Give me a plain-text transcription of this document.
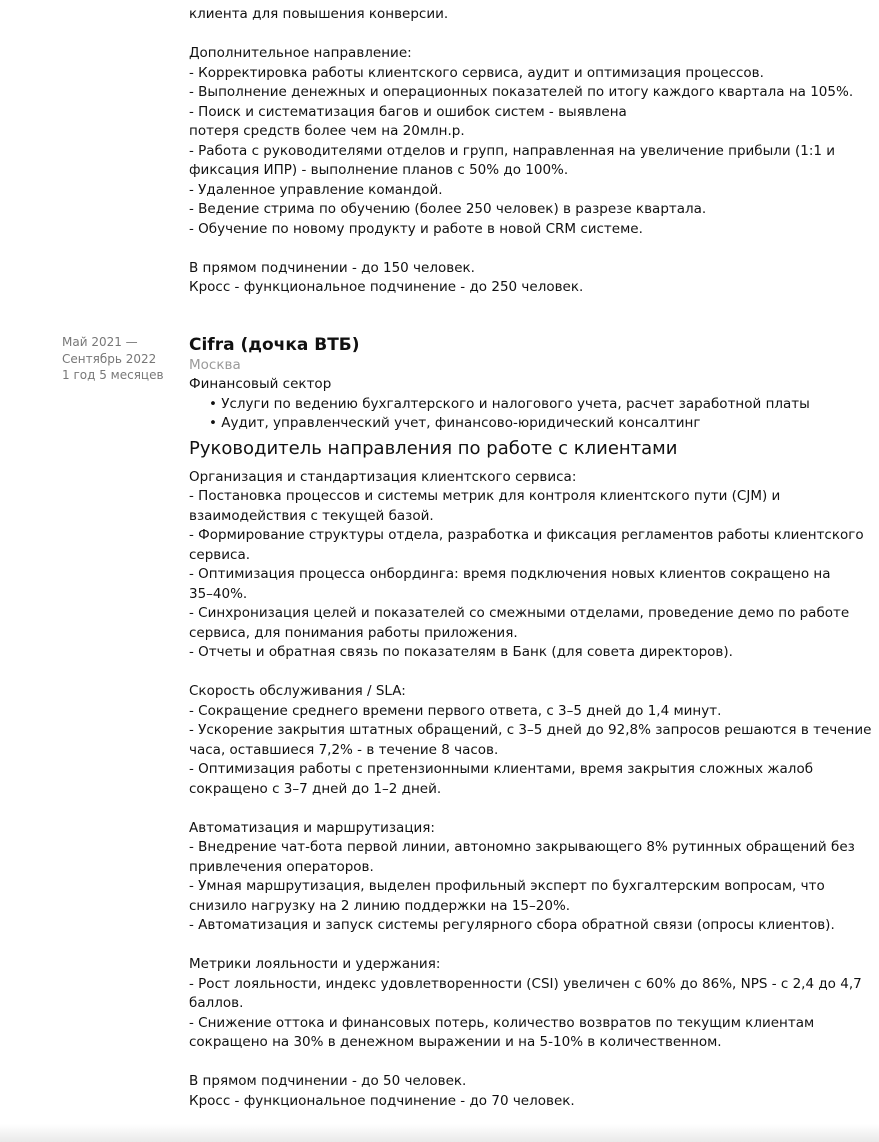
клиента для повышения конверсии.
Дополнительное направление:
- Корректировка работы клиентского сервиса, аудит и оптимизация процессов.
- Выполнение денежных и операционных показателей по итогу каждого квартала на 105%.
- Поиск и систематизация багов и ошибок систем - выявлена
потеря средств более чем на 20млн.р.
- Работа с руководителями отделов и групп, направленная на увеличение прибыли (1:1 и
фиксация ИПР) - выполнение планов с 50% до 100%.
- Удаленное управление командой.
- Ведение стрима по обучению (более 250 человек) в разрезе квартала.
- Обучение по новому продукту и работе в новой CRM системе.
В прямом подчинении - до 150 человек.
Кросс - функциональное подчинение - до 250 человек.
Май 2021 —
Сентябрь 2022
1 год 5 месяцев
Cifra (дочка ВТБ)
Москва
Финансовый сектор
• Услуги по ведению бухгалтерского и налогового учета, расчет заработной платы
• Аудит, управленческий учет, финансово-юридический консалтинг
Руководитель направления по работе с клиентами
Организация и стандартизация клиентского сервиса:
- Постановка процессов и системы метрик для контроля клиентского пути (CJM) и
взаимодействия с текущей базой.
- Формирование структуры отдела, разработка и фиксация регламентов работы клиентского
сервиса.
- Оптимизация процесса онбординга: время подключения новых клиентов сокращено на
35–40%.
- Синхронизация целей и показателей со смежными отделами, проведение демо по работе
сервиса, для понимания работы приложения.
- Отчеты и обратная связь по показателям в Банк (для совета директоров).
Скорость обслуживания / SLA:
- Сокращение среднего времени первого ответа, с 3–5 дней до 1,4 минут.
- Ускорение закрытия штатных обращений, с 3–5 дней до 92,8% запросов решаются в течение
часа, оставшиеся 7,2% - в течение 8 часов.
- Оптимизация работы с претензионными клиентами, время закрытия сложных жалоб
сокращено с 3–7 дней до 1–2 дней.
Автоматизация и маршрутизация:
- Внедрение чат-бота первой линии, автономно закрывающего 8% рутинных обращений без
привлечения операторов.
- Умная маршрутизация, выделен профильный эксперт по бухгалтерским вопросам, что
снизило нагрузку на 2 линию поддержки на 15–20%.
- Автоматизация и запуск системы регулярного сбора обратной связи (опросы клиентов).
Метрики лояльности и удержания:
- Рост лояльности, индекс удовлетворенности (CSI) увеличен с 60% до 86%, NPS - с 2,4 до 4,7
баллов.
- Снижение оттока и финансовых потерь, количество возвратов по текущим клиентам
сокращено на 30% в денежном выражении и на 5-10% в количественном.
В прямом подчинении - до 50 человек.
Кросс - функциональное подчинение - до 70 человек.
